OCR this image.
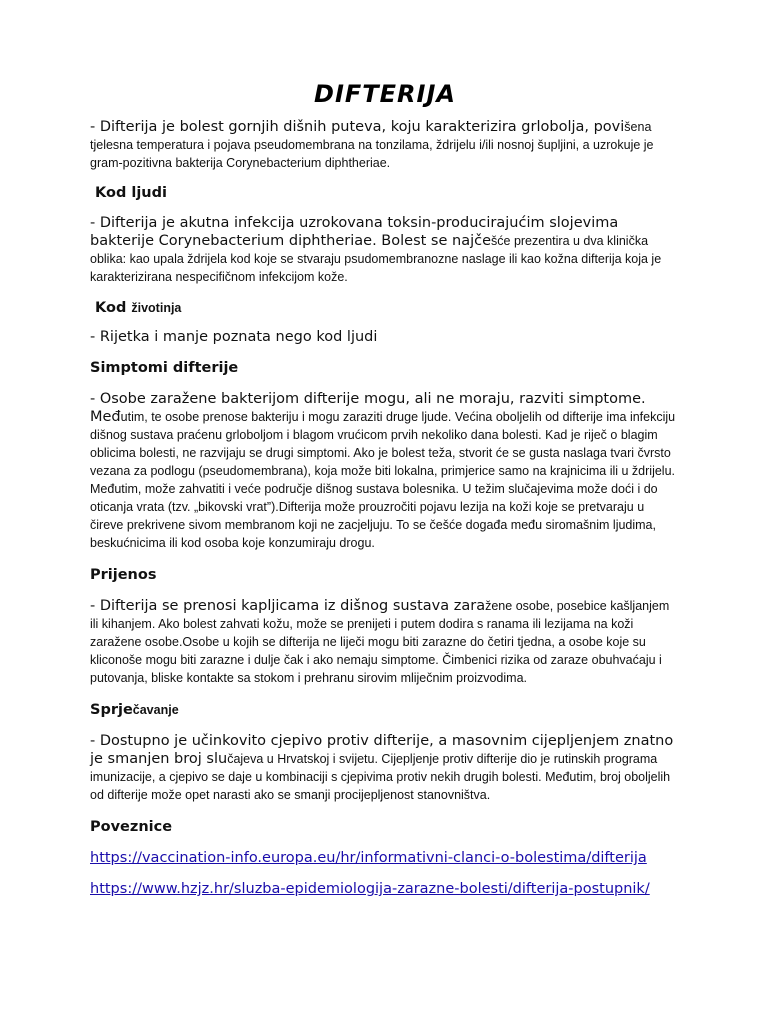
DIFTERIJA

- Difterija je bolest gornjih dišnih puteva, koju karakterizira grlobolja, povišena tjelesna temperatura i pojava pseudomembrana na tonzilama, ždrijelu i/ili nosnoj šupljini, a uzrokuje je gram-pozitivna bakterija Corynebacterium diphtheriae.

Kod ljudi

- Difterija je akutna infekcija uzrokovana toksin-producirajućim slojevima bakterije Corynebacterium diphtheriae. Bolest se najčešće prezentira u dva klinička oblika: kao upala ždrijela kod koje se stvaraju psudomembranozne naslage ili kao kožna difterija koja je karakterizirana nespecifičnom infekcijom kože.

Kod životinja

- Rijetka i manje poznata nego kod ljudi

Simptomi difterije

- Osobe zaražene bakterijom difterije mogu, ali ne moraju, razviti simptome. Međutim, te osobe prenose bakteriju i mogu zaraziti druge ljude. Većina oboljelih od difterije ima infekciju dišnog sustava praćenu grloboljom i blagom vrućicom prvih nekoliko dana bolesti. Kad je riječ o blagim oblicima bolesti, ne razvijaju se drugi simptomi. Ako je bolest teža, stvorit će se gusta naslaga tvari čvrsto vezana za podlogu (pseudomembrana), koja može biti lokalna, primjerice samo na krajnicima ili u ždrijelu. Međutim, može zahvatiti i veće područje dišnog sustava bolesnika. U težim slučajevima može doći i do oticanja vrata (tzv. „bikovski vrat”).Difterija može prouzročiti pojavu lezija na koži koje se pretvaraju u čireve prekrivene sivom membranom koji ne zacjeljuju. To se češće događa među siromašnim ljudima, beskućnicima ili kod osoba koje konzumiraju drogu.

Prijenos

- Difterija se prenosi kapljicama iz dišnog sustava zaražene osobe, posebice kašljanjem ili kihanjem. Ako bolest zahvati kožu, može se prenijeti i putem dodira s ranama ili lezijama na koži zaražene osobe.Osobe u kojih se difterija ne liječi mogu biti zarazne do četiri tjedna, a osobe koje su kliconoše mogu biti zarazne i dulje čak i ako nemaju simptome. Čimbenici rizika od zaraze obuhvaćaju i putovanja, bliske kontakte sa stokom i prehranu sirovim mliječnim proizvodima.

Sprječavanje

- Dostupno je učinkovito cjepivo protiv difterije, a masovnim cijepljenjem znatno je smanjen broj slučajeva u Hrvatskoj i svijetu. Cijepljenje protiv difterije dio je rutinskih programa imunizacije, a cjepivo se daje u kombinaciji s cjepivima protiv nekih drugih bolesti. Međutim, broj oboljelih od difterije može opet narasti ako se smanji procijepljenost stanovništva.

Poveznice

https://vaccination-info.europa.eu/hr/informativni-clanci-o-bolestima/difterija

https://www.hzjz.hr/sluzba-epidemiologija-zarazne-bolesti/difterija-postupnik/
